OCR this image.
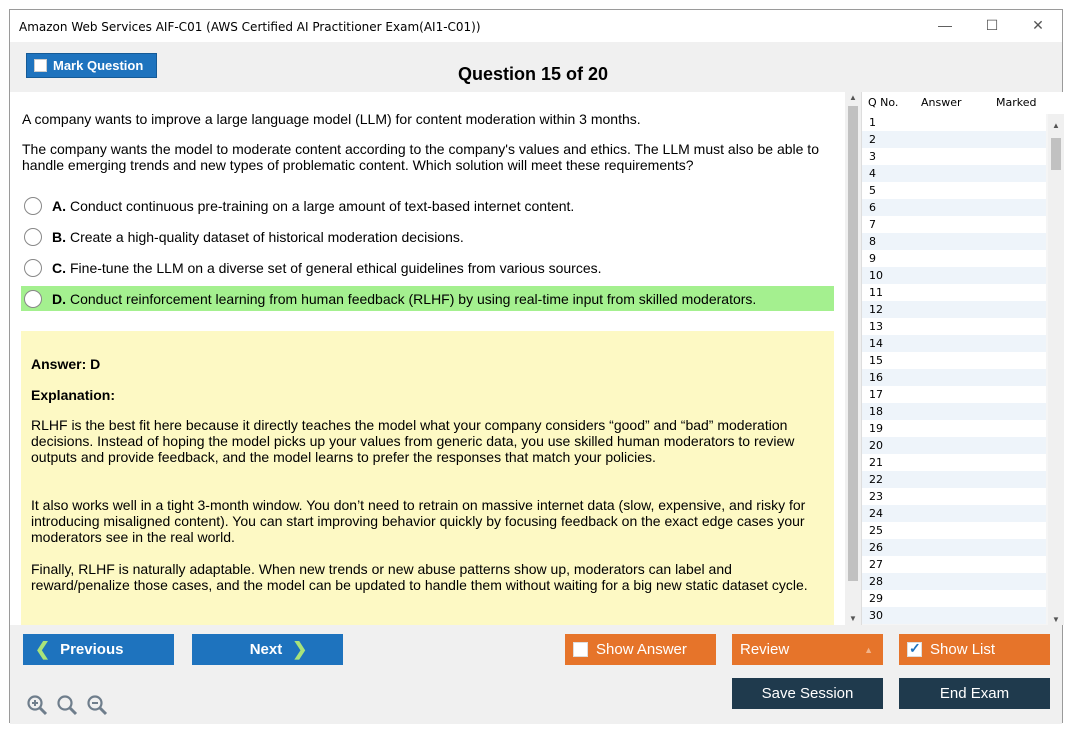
Amazon Web Services AIF-C01 (AWS Certified AI Practitioner Exam(AI1-C01))	—	☐	✕
Mark Question	Question 15 of 20
A company wants to improve a large language model (LLM) for content moderation within 3 months.
The company wants the model to moderate content according to the company's values and ethics. The LLM must also be able to handle emerging trends and new types of problematic content. Which solution will meet these requirements?
A. Conduct continuous pre-training on a large amount of text-based internet content.
B. Create a high-quality dataset of historical moderation decisions.
C. Fine-tune the LLM on a diverse set of general ethical guidelines from various sources.
D. Conduct reinforcement learning from human feedback (RLHF) by using real-time input from skilled moderators.
Answer: D
Explanation:
RLHF is the best fit here because it directly teaches the model what your company considers “good” and “bad” moderation decisions. Instead of hoping the model picks up your values from generic data, you use skilled human moderators to review outputs and provide feedback, and the model learns to prefer the responses that match your policies.
It also works well in a tight 3-month window. You don’t need to retrain on massive internet data (slow, expensive, and risky for introducing misaligned content). You can start improving behavior quickly by focusing feedback on the exact edge cases your moderators see in the real world.
Finally, RLHF is naturally adaptable. When new trends or new abuse patterns show up, moderators can label and reward/penalize those cases, and the model can be updated to handle them without waiting for a big new static dataset cycle.
▲
▼
Q No. Answer	Marked
1
2
3
4
5
6
7
8
9
10
11
12
13
14
15
16
17
18
19
20
21
22
23
24
25
26
27
28
29
30
▲
▼
❮ Previous	Next ❯	Show Answer	Review	▲
✓	Show List
Save Session	End Exam
